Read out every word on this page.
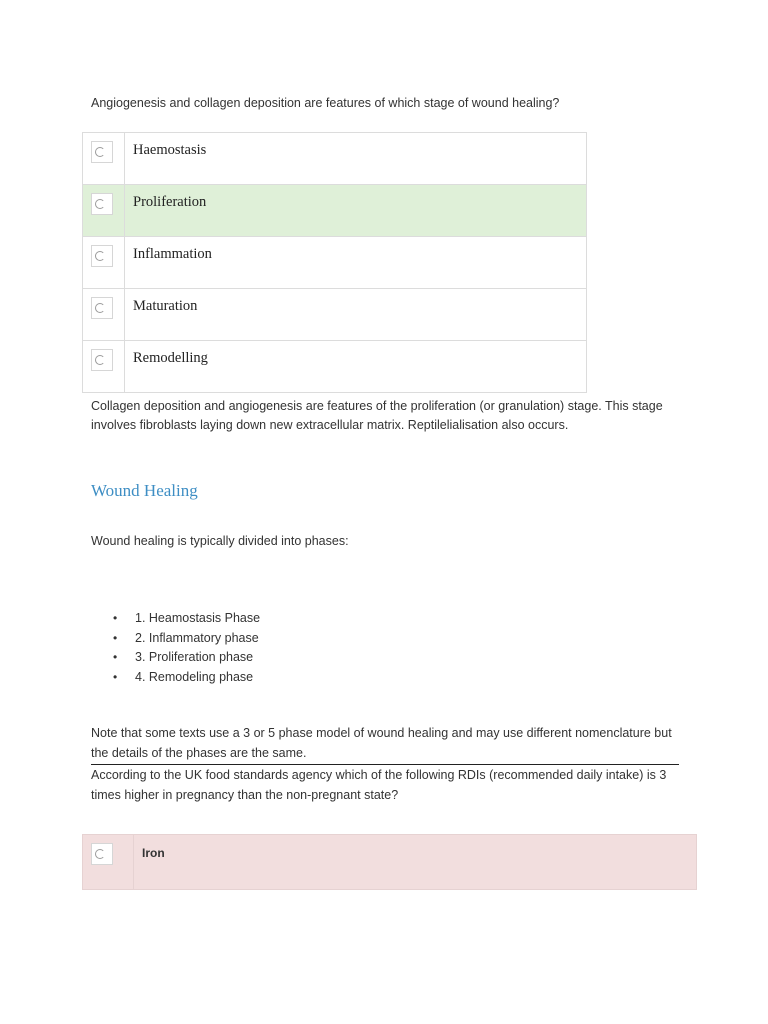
Angiogenesis and collagen deposition are features of which stage of wound healing?
	Haemostasis

	Proliferation

	Inflammation

	Maturation

	Remodelling
Collagen deposition and angiogenesis are features of the proliferation (or granulation) stage. This stage involves fibroblasts laying down new extracellular matrix. Reptilelialisation also occurs.
Wound Healing
Wound healing is typically divided into phases:
• 1. Heamostasis Phase
• 2. Inflammatory phase
• 3. Proliferation phase
• 4. Remodeling phase
Note that some texts use a 3 or 5 phase model of wound healing and may use different nomenclature but the details of the phases are the same.
According to the UK food standards agency which of the following RDIs (recommended daily intake) is 3 times higher in pregnancy than the non-pregnant state?
	Iron
